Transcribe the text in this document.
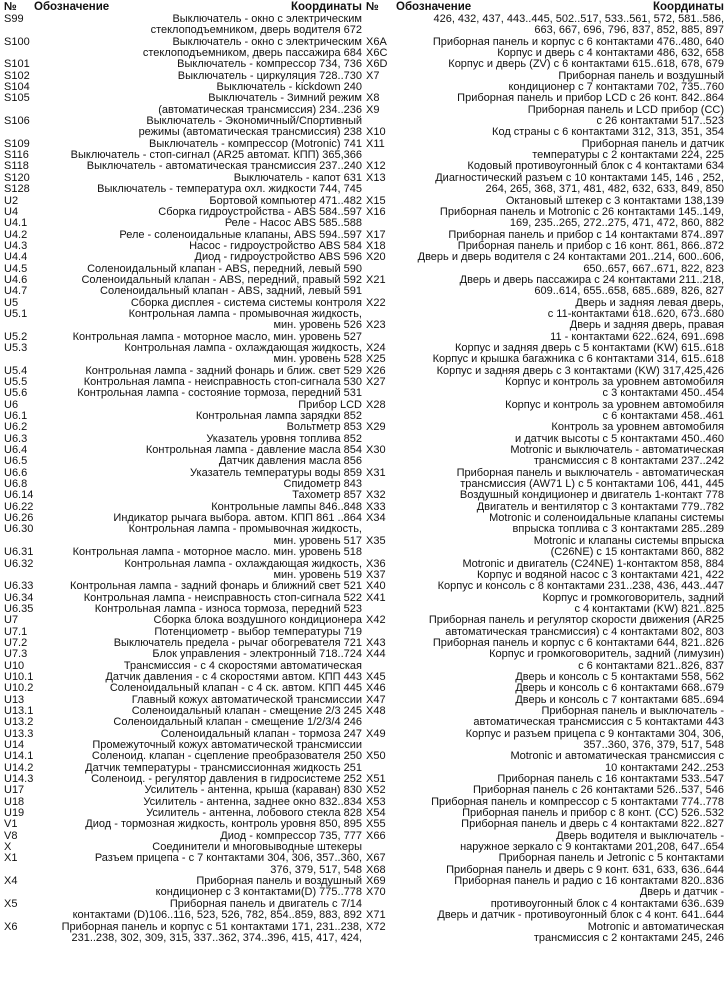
№ Обозначение	Координаты
S99	Выключатель - окно с электрическим
стеклоподъемником, дверь водителя 672
S100	Выключатель - окно с электрическим
стеклоподъемником, дверь пассажира 684
S101	Выключатель - компрессор 734, 736
S102	Выключатель - циркуляция 728..730
S104	Выключатель - kickdown 240
S105	Выключатель - Зимний режим
(автоматическая трансмиссия) 234..236
S106	Выключатель - Экономичный/Спортивный
режимы (автоматическая трансмиссия) 238
S109	Выключатель - компрессор (Motronic) 741
S116	Выключатель - стоп-сигнал (AR25 автомат. КПП) 365,366
S118	Выключатель - автоматическая трансмиссия 237..240
S120	Выключатель - капот 631
S128	Выключатель - температура охл. жидкости 744, 745
U2	Бортовой компьютер 471..482
U4	Сборка гидроустройства - ABS 584..597
U4.1	Реле - Насос ABS 585..588
U4.2	Реле - соленоидальные клапаны, ABS 594..597
U4.3	Насос - гидроустройство ABS 584
U4.4	Диод - гидроустройство ABS 596
U4.5	Соленоидальный клапан - ABS, передний, левый 590
U4.6	Соленоидальный клапан - ABS, передний, правый 592
U4.7	Соленоидальный клапан - ABS, задний, левый 591
U5	Сборка дисплея - система системы контроля
U5.1	Контрольная лампа - промывочная жидкость,
мин. уровень 526
U5.2	Контрольная лампа - моторное масло, мин. уровень 527
U5.3	Контрольная лампа - охлаждающая жидкость,
мин. уровень 528
U5.4	Контрольная лампа - задний фонарь и ближ. свет 529
U5.5	Контрольная лампа - неисправность стоп-сигнала 530
U5.6	Контрольная лампа - состояние тормоза, передний 531
U6	Прибор LCD
U6.1	Контрольная лампа зарядки 852
U6.2	Вольтметр 853
U6.3	Указатель уровня топлива 852
U6.4	Контрольная лампа - давление масла 854
U6.5	Датчик давления масла 856
U6.6	Указатель температуры воды 859
U6.8	Спидометр 843
U6.14	Тахометр 857
U6.22	Контрольные лампы 846..848
U6.26	Индикатор рычага выбора. автом. КПП 861 ..864
U6.30	Контрольная лампа - промывочная жидкость,
мин. уровень 517
U6.31	Контрольная лампа - моторное масло. мин. уровень 518
U6.32	Контрольная лампа - охлаждающая жидкость,
мин. уровень 519
U6.33	Контрольная лампа - задний фонарь и ближний свет 521
U6.34	Контрольная лампа - неисправность стоп-сигнала 522
U6.35	Контрольная лампа - износа тормоза, передний 523
U7	Сборка блока воздушного кондиционера
U7.1	Потенциометр - выбор температуры 719
U7.2	Выключатель предела - рычаг обогревателя 721
U7.3	Блок управления - электронный 718..724
U10	Трансмиссия - с 4 скоростями автоматическая
U10.1	Датчик давления - с 4 скоростями автом. КПП 443
U10.2	Соленоидальный клапан - с 4 ск. автом. КПП 445
U13	Главный кожух автоматической трансмиссии
U13.1	Соленоидальный клапан - смещение 2/3 245
U13.2	Соленоидальный клапан - смещение 1/2/3/4 246
U13.3	Соленоидальный клапан - тормоза 247
U14	Промежуточный кожух автоматической трансмиссии
U14.1	Соленоид. клапан - сцепление преобразователя 250
U14.2	Датчик температуры - трансмиссионная жидкость 251
U14.3	Соленоид. - регулятор давления в гидросистеме 252
U17	Усилитель - антенна, крыша (караван) 830
U18	Усилитель - антенна, заднее окно 832..834
U19	Усилитель - антенна, лобового стекла 828
V1	Диод - тормозная жидкость, контроль уровня 850, 895
V8	Диод - компрессор 735, 777
X	Соединители и многовыводные штекеры
X1	Разъем прицепа - с 7 контактами 304, 306, 357..360,
376, 379, 517, 548
X4	Приборная панель и воздушный
кондиционер с 3 контактами(D) 775..778
X5	Приборная панель и двигатель с 7/14
контактами (D)106..116, 523, 526, 782, 854..859, 883, 892
X6	Приборная панель и корпус с 51 контактами 171, 231..238,
231..238, 302, 309, 315, 337..362, 374..396, 415, 417, 424,
№ Обозначение	Координаты
426, 432, 437, 443..445, 502..517, 533..561, 572, 581..586,
663, 667, 696, 796, 837, 852, 885, 897
X6A	Приборная панель и корпус с 6 контактами 476..480, 640
X6C	Корпус и дверь с 4 контактами 486, 632, 658
X6D	Корпус и дверь (ZV) с 6 контактами 615..618, 678, 679
X7	Приборная панель и воздушный
кондиционер с 7 контактами 702, 735..760
X8	Приборная панель и прибор LCD с 26 конт. 842..864
X9	Приборная панель и LCD прибор (CC)
с 26 контактами 517..523
X10	Код страны с 6 контактами 312, 313, 351, 354
X11	Приборная панель и датчик
температуры с 2 контактами 224, 225
X12	Кодовый противоугонный блок с 4 контактами 634
X13	Диагностический разъем с 10 контактами 145, 146 , 252,
264, 265, 368, 371, 481, 482, 632, 633, 849, 850
X15	Октановый штекер с 3 контактами 138,139
X16	Приборная панель и Motronic с 26 контактами 145..149,
169, 235..265, 272..275, 471, 472, 860, 882
X17	Приборная панель и прибор с 14 контактами 874..897
X18	Приборная панель и прибор с 16 конт. 861, 866..872
X20	Дверь и дверь водителя с 24 контактами 201..214, 600..606,
650..657, 667..671, 822, 823
X21	Дверь и дверь пассажира с 24 контактами 211..218,
609..614, 655..658, 685..689, 826, 827
X22	Дверь и задняя левая дверь,
с 11-контактами 618..620, 673..680
X23	Дверь и задняя дверь, правая
11 - контактами 622..624, 691..698
X24	Корпус и задняя дверь с 5 контактами (KW) 615..618
X25	Корпус и крышка багажника с 6 контактами 314, 615..618
X26	Корпус и задняя дверь с 3 контактами (KW) 317,425,426
X27	Корпус и контроль за уровнем автомобиля
с 3 контактами 450..454
X28	Корпус и контроль за уровнем автомобиля
с 6 контактами 458..461
X29	Контроль за уровнем автомобиля
и датчик высоты с 5 контактами 450..460
X30	Motronic и выключатель - автоматическая
трансмиссия с 8 контактами 237..242
X31	Приборная панель и выключатель - автоматическая
трансмиссия (AW71 L) с 5 контактами 106, 441, 445
X32	Воздушный кондиционер и двигатель 1-контакт 778
X33	Двигатель и вентилятор с 3 контактами 779..782
X34	Motronic и соленоидальные клапаны системы
впрыска топлива с 3 контактами 285..289
X35	Motronic и клапаны системы впрыска
(C26NE) с 15 контактами 860, 882
X36	Motronic и двигатель (C24NE) 1-контактом 858, 884
X37	Корпус и водяной насос с 3 контактами 421, 422
X40	Корпус и консоль с 8 контактами 231..238, 436, 443..447
X41	Корпус и громкоговоритель, задний
с 4 контактами (KW) 821..825
X42	Приборная панель и регулятор скорости движения (AR25
автоматическая трансмиссия) с 4 контактами 802, 803
X43	Приборная панель и корпус с 6 контактами 644, 821..826
X44	Корпус и громкоговоритель, задний (лимузин)
с 6 контактами 821..826, 837
X45	Дверь и консоль с 5 контактами 558, 562
X46	Дверь и консоль с 6 контактами 668..679
X47	Дверь и консоль с 7 контактами 685..694
X48	Приборная панель и выключатель -
автоматическая трансмиссия с 5 контактами 443
X49	Корпус и разъем прицепа с 9 контактами 304, 306,
357..360, 376, 379, 517, 548
X50	Motronic и автоматическая трансмиссия с
10 контактами 242..253
X51	Приборная панель с 16 контактами 533..547
X52	Приборная панель с 26 контактами 526..537, 546
X53	Приборная панель и компрессор с 5 контактами 774..778
X54	Приборная панель и прибор с 8 конт. (CC) 526..532
X55	Приборная панель и дверь с 4 контактами 822..827
X66	Дверь водителя и выключатель -
наружное зеркало с 9 контактами 201,208, 647..654
X67	Приборная панель и Jetronic с 5 контактами
X68	Приборная панель и дверь с 9 конт. 631, 633, 636..644
X69	Приборная панель и радио с 16 контактами 820..836
X70	Дверь и датчик -
противоугонный блок с 4 контактами 636..639
X71	Дверь и датчик - противоугонный блок с 4 конт. 641..644
X72	Motronic и автоматическая
трансмиссия с 2 контактами 245, 246
